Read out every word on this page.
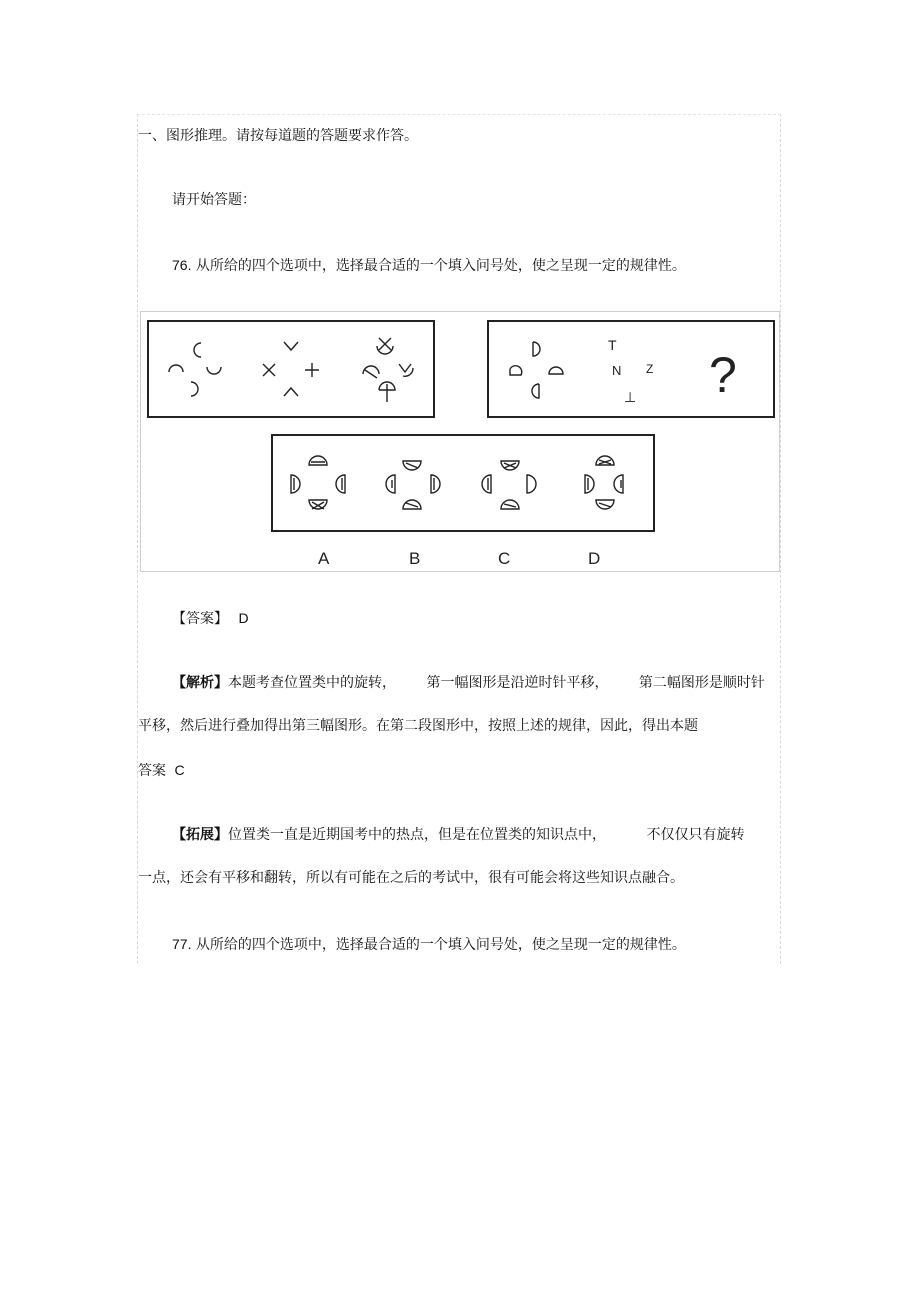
一、图形推理。请按每道题的答题要求作答。
请开始答题：
76. 从所给的四个选项中，选择最合适的一个填入问号处，使之呈现一定的规律性。
T
N Z
⊥ ?
A	B	C	D
【答案】 D
【解析】本题考查位置类中的旋转， 第一幅图形是沿逆时针平移， 第二幅图形是顺时针
平移，然后进行叠加得出第三幅图形。在第二段图形中，按照上述的规律，因此，得出本题
答案 C
【拓展】位置类一直是近期国考中的热点，但是在位置类的知识点中，	不仅仅只有旋转
一点，还会有平移和翻转，所以有可能在之后的考试中，很有可能会将这些知识点融合。
77. 从所给的四个选项中，选择最合适的一个填入问号处，使之呈现一定的规律性。
